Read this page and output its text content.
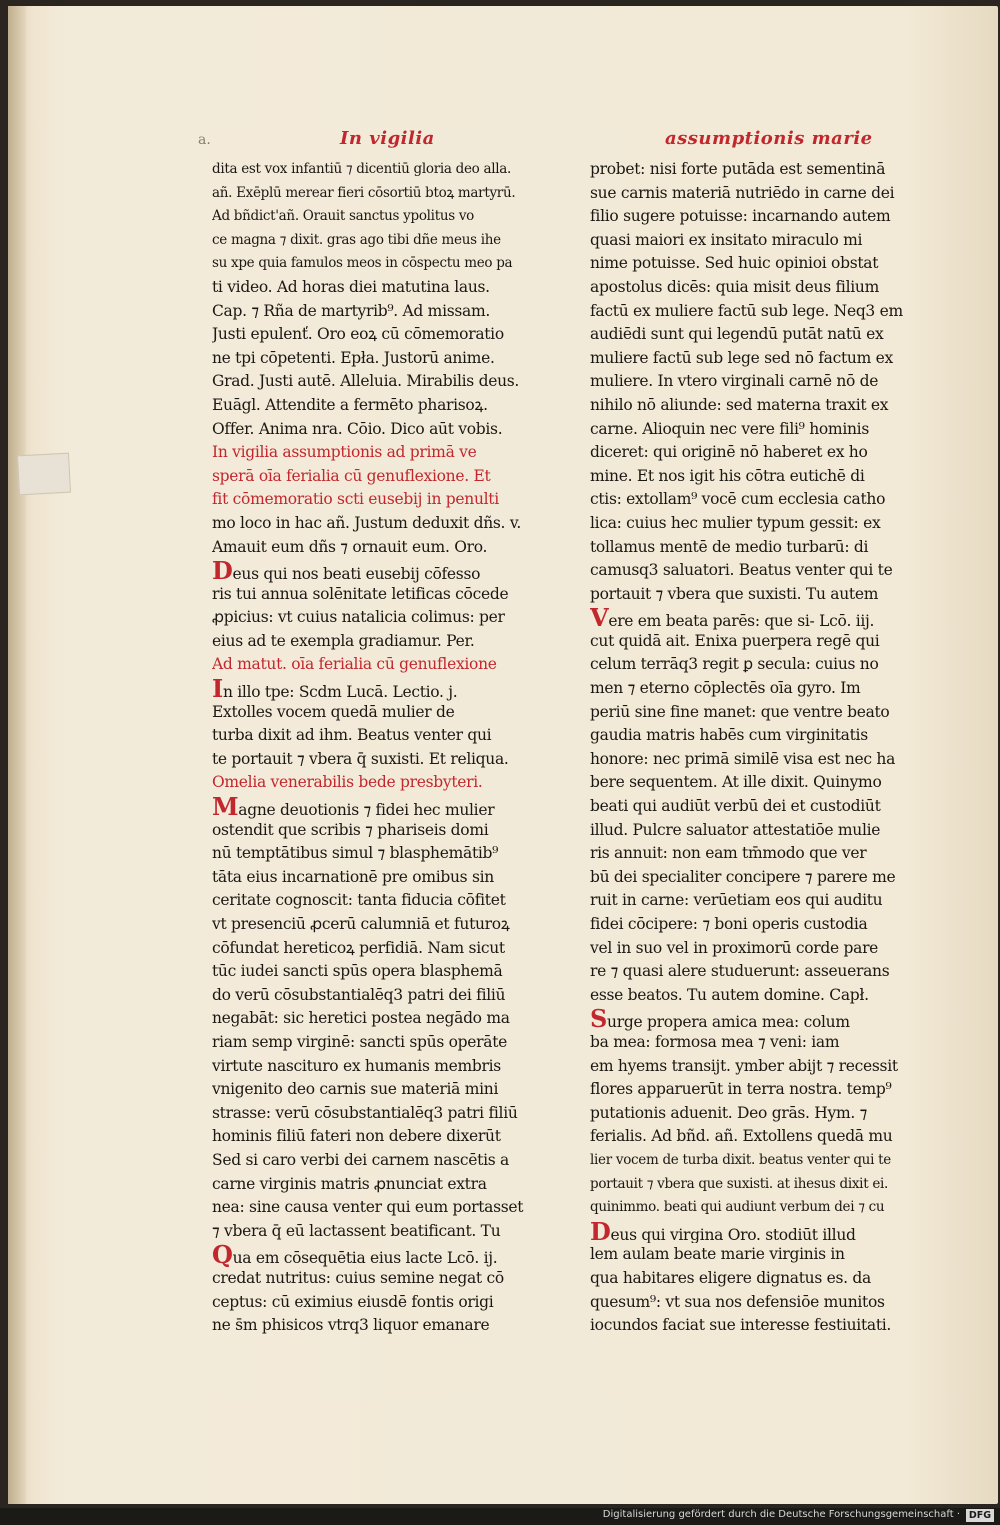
a.	In vigilia	assumptionis marie
dita est vox infantiū ⁊ dicentiū gloria deo alla.
añ. Exēplū merear fieri cōsortiū btoꝝ martyrū.
Ad bñdict'añ. Orauit sanctus ypolitus vo
ce magna ⁊ dixit. gras ago tibi dñe meus ihe
su xpe quia famulos meos in cōspectu meo pa
ti video. Ad horas diei matutina laus.
Cap. ⁊ Rña de martyrib⁹. Ad missam.
Justi epulenť. Oro eoꝝ cū cōmemoratio
ne tpi cōpetenti. Epła. Justorū anime.
Grad. Justi autē. Alleluia. Mirabilis deus.
Euāgl. Attendite a fermēto pharisoꝝ.
Offer. Anima nra. Cōio. Dico aūt vobis.
In vigilia assumptionis ad primā ve
sperā oīa ferialia cū genuflexione. Et
fit cōmemoratio scti eusebij in penulti
mo loco in hac añ. Justum deduxit dñs. v.
Amauit eum dñs ⁊ ornauit eum. Oro.
Deus qui nos beati eusebij cōfesso
ris tui annua solēnitate letificas cōcede
ꝓpicius: vt cuius natalicia colimus: per
eius ad te exempla gradiamur. Per.
Ad matut. oīa ferialia cū genuflexione
In illo tpe: Scdm Lucā. Lectio. j.
Extolles vocem quedā mulier de
turba dixit ad ihm. Beatus venter qui
te portauit ⁊ vbera q̄ suxisti. Et reliqua.
Omelia venerabilis bede presbyteri.
Magne deuotionis ⁊ fidei hec mulier
ostendit que scribis ⁊ phariseis domi
nū temptātibus simul ⁊ blasphemātib⁹
tāta eius incarnationē pre omibus sin
ceritate cognoscit: tanta fiducia cōfitet
vt presenciū ꝓcerū calumniā et futuroꝝ
cōfundat hereticoꝝ perfidiā. Nam sicut
tūc iudei sancti spūs opera blasphemā
do verū cōsubstantialēq3 patri dei filiū
negabāt: sic heretici postea negādo ma
riam semp virginē: sancti spūs operāte
virtute nascituro ex humanis membris
vnigenito deo carnis sue materiā mini
strasse: verū cōsubstantialēq3 patri filiū
hominis filiū fateri non debere dixerūt
Sed si caro verbi dei carnem nascētis a
carne virginis matris ꝓnunciat extra
nea: sine causa venter qui eum portasset
⁊ vbera q̄ eū lactassent beatificant. Tu
Qua em cōsequētia eius lacte Lcō. ij.
credat nutritus: cuius semine negat cō
ceptus: cū eximius eiusdē fontis origi
ne s̄m phisicos vtrq3 liquor emanare
probet: nisi forte putāda est sementinā
sue carnis materiā nutriēdo in carne dei
filio sugere potuisse: incarnando autem
quasi maiori ex insitato miraculo mi
nime potuisse. Sed huic opinioi obstat
apostolus dicēs: quia misit deus filium
factū ex muliere factū sub lege. Neq3 em
audiēdi sunt qui legendū putāt natū ex
muliere factū sub lege sed nō factum ex
muliere. In vtero virginali carnē nō de
nihilo nō aliunde: sed materna traxit ex
carne. Alioquin nec vere fili⁹ hominis
diceret: qui originē nō haberet ex ho
mine. Et nos igit his cōtra eutichē di
ctis: extollam⁹ vocē cum ecclesia catho
lica: cuius hec mulier typum gessit: ex
tollamus mentē de medio turbarū: di
camusq3 saluatori. Beatus venter qui te
portauit ⁊ vbera que suxisti. Tu autem
Vere em beata parēs: que si- Lcō. iij.
cut quidā ait. Enixa puerpera regē qui
celum terrāq3 regit ꝑ secula: cuius no
men ⁊ eterno cōplectēs oīa gyro. Im
periū sine fine manet: que ventre beato
gaudia matris habēs cum virginitatis
honore: nec primā similē visa est nec ha
bere sequentem. At ille dixit. Quinymo
beati qui audiūt verbū dei et custodiūt
illud. Pulcre saluator attestatiōe mulie
ris annuit: non eam tm̄modo que ver
bū dei specialiter concipere ⁊ parere me
ruit in carne: verūetiam eos qui auditu
fidei cōcipere: ⁊ boni operis custodia
vel in suo vel in proximorū corde pare
re ⁊ quasi alere studuerunt: asseuerans
esse beatos. Tu autem domine. Capł.
Surge propera amica mea: colum
ba mea: formosa mea ⁊ veni: iam
em hyems transijt. ymber abijt ⁊ recessit
flores apparuerūt in terra nostra. temp⁹
putationis aduenit. Deo grās. Hym. ⁊
ferialis. Ad bñd. añ. Extollens quedā mu
lier vocem de turba dixit. beatus venter qui te
portauit ⁊ vbera que suxisti. at ihesus dixit ei.
quinimmo. beati qui audiunt verbum dei ⁊ cu
Deus qui virgina Oro. stodiūt illud
lem aulam beate marie virginis in
qua habitares eligere dignatus es. da
quesum⁹: vt sua nos defensiōe munitos
iocundos faciat sue interesse festiuitati.
Digitalisierung gefördert durch die Deutsche Forschungsgemeinschaft · DFG
